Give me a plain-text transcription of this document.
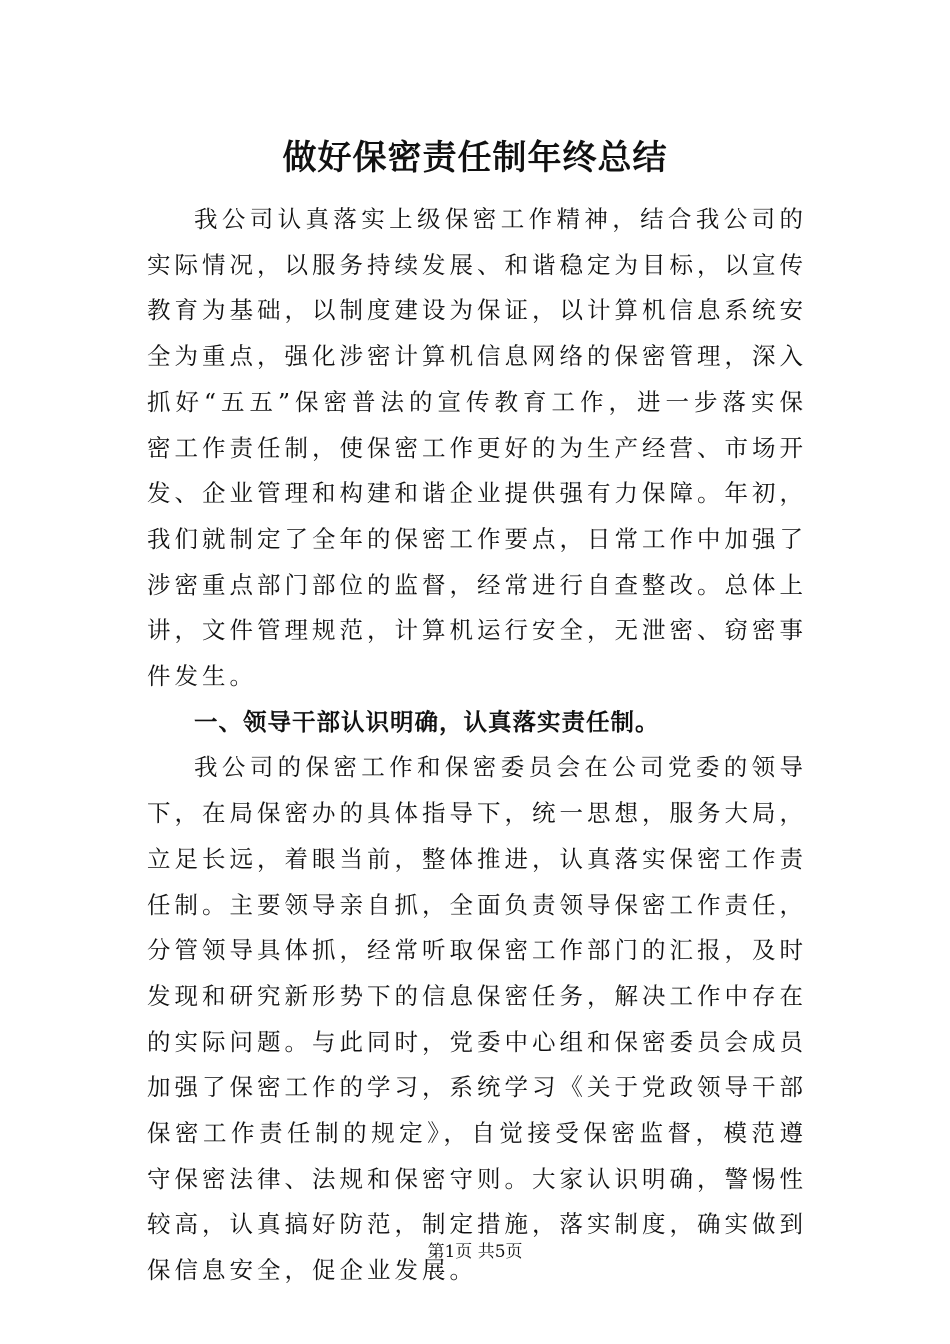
做好保密责任制年终总结

我公司认真落实上级保密工作精神，结合我公司的实际情况，以服务持续发展、和谐稳定为目标，以宣传教育为基础，以制度建设为保证，以计算机信息系统安全为重点，强化涉密计算机信息网络的保密管理，深入抓好“五五”保密普法的宣传教育工作，进一步落实保密工作责任制，使保密工作更好的为生产经营、市场开发、企业管理和构建和谐企业提供强有力保障。年初，我们就制定了全年的保密工作要点，日常工作中加强了涉密重点部门部位的监督，经常进行自查整改。总体上讲，文件管理规范，计算机运行安全，无泄密、窃密事件发生。

一、领导干部认识明确，认真落实责任制。

我公司的保密工作和保密委员会在公司党委的领导下，在局保密办的具体指导下，统一思想，服务大局，立足长远，着眼当前，整体推进，认真落实保密工作责任制。主要领导亲自抓，全面负责领导保密工作责任，分管领导具体抓，经常听取保密工作部门的汇报，及时发现和研究新形势下的信息保密任务，解决工作中存在的实际问题。与此同时，党委中心组和保密委员会成员加强了保密工作的学习，系统学习《关于党政领导干部保密工作责任制的规定》，自觉接受保密监督，模范遵守保密法律、法规和保密守则。大家认识明确，警惕性较高，认真搞好防范，制定措施，落实制度，确实做到保信息安全，促企业发展。

第1页 共5页
